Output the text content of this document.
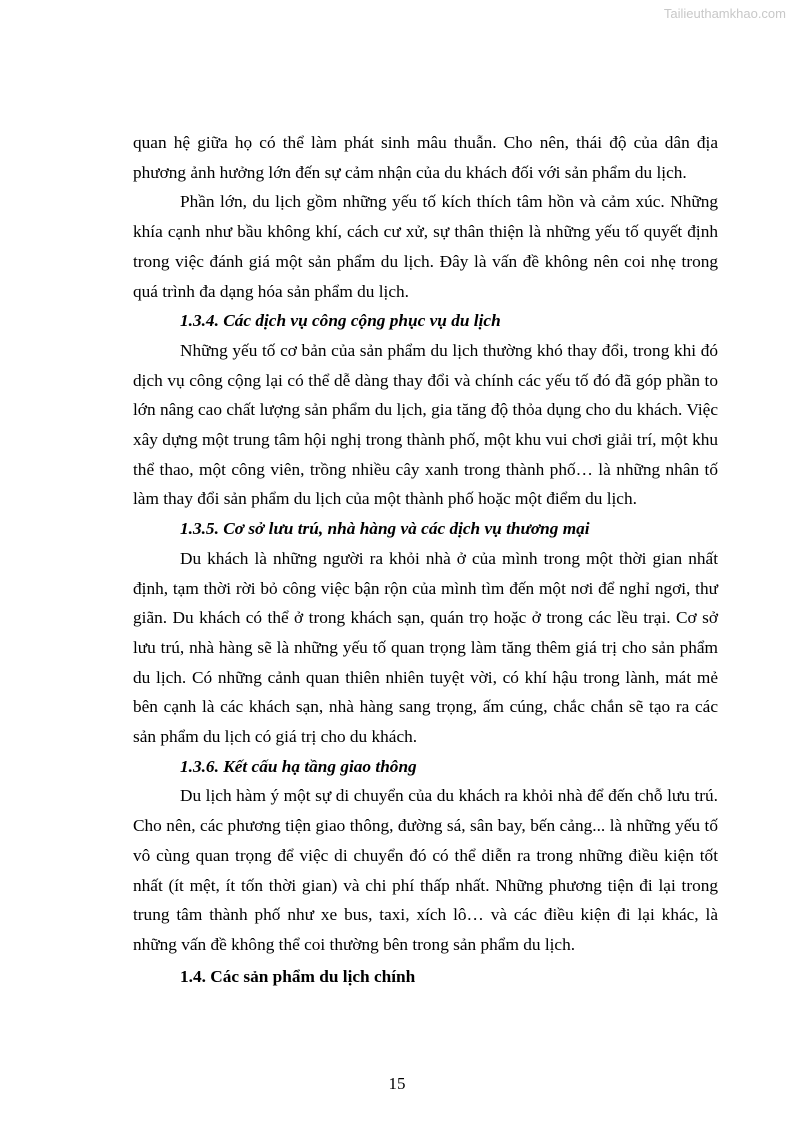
Tailieuthamkhao.com

quan hệ giữa họ có thể làm phát sinh mâu thuẫn. Cho nên, thái độ của dân địa phương ảnh hưởng lớn đến sự cảm nhận của du khách đối với sản phẩm du lịch.

Phần lớn, du lịch gồm những yếu tố kích thích tâm hồn và cảm xúc. Những khía cạnh như bầu không khí, cách cư xử, sự thân thiện là những yếu tố quyết định trong việc đánh giá một sản phẩm du lịch. Đây là vấn đề không nên coi nhẹ trong quá trình đa dạng hóa sản phẩm du lịch.

1.3.4. Các dịch vụ công cộng phục vụ du lịch

Những yếu tố cơ bản của sản phẩm du lịch thường khó thay đổi, trong khi đó dịch vụ công cộng lại có thể dễ dàng thay đổi và chính các yếu tố đó đã góp phần to lớn nâng cao chất lượng sản phẩm du lịch, gia tăng độ thỏa dụng cho du khách. Việc xây dựng một trung tâm hội nghị trong thành phố, một khu vui chơi giải trí, một khu thể thao, một công viên, trồng nhiều cây xanh trong thành phố… là những nhân tố làm thay đổi sản phẩm du lịch của một thành phố hoặc một điểm du lịch.

1.3.5. Cơ sở lưu trú, nhà hàng và các dịch vụ thương mại

Du khách là những người ra khỏi nhà ở của mình trong một thời gian nhất định, tạm thời rời bỏ công việc bận rộn của mình tìm đến một nơi để nghỉ ngơi, thư giãn. Du khách có thể ở trong khách sạn, quán trọ hoặc ở trong các lều trại. Cơ sở lưu trú, nhà hàng sẽ là những yếu tố quan trọng làm tăng thêm giá trị cho sản phẩm du lịch. Có những cảnh quan thiên nhiên tuyệt vời, có khí hậu trong lành, mát mẻ bên cạnh là các khách sạn, nhà hàng sang trọng, ấm cúng, chắc chắn sẽ tạo ra các sản phẩm du lịch có giá trị cho du khách.

1.3.6. Kết cấu hạ tầng giao thông

Du lịch hàm ý một sự di chuyển của du khách ra khỏi nhà để đến chỗ lưu trú. Cho nên, các phương tiện giao thông, đường sá, sân bay, bến cảng... là những yếu tố vô cùng quan trọng để việc di chuyển đó có thể diễn ra trong những điều kiện tốt nhất (ít mệt, ít tốn thời gian) và chi phí thấp nhất. Những phương tiện đi lại trong trung tâm thành phố như xe bus, taxi, xích lô… và các điều kiện đi lại khác, là những vấn đề không thể coi thường bên trong sản phẩm du lịch.

1.4. Các sản phẩm du lịch chính

15
